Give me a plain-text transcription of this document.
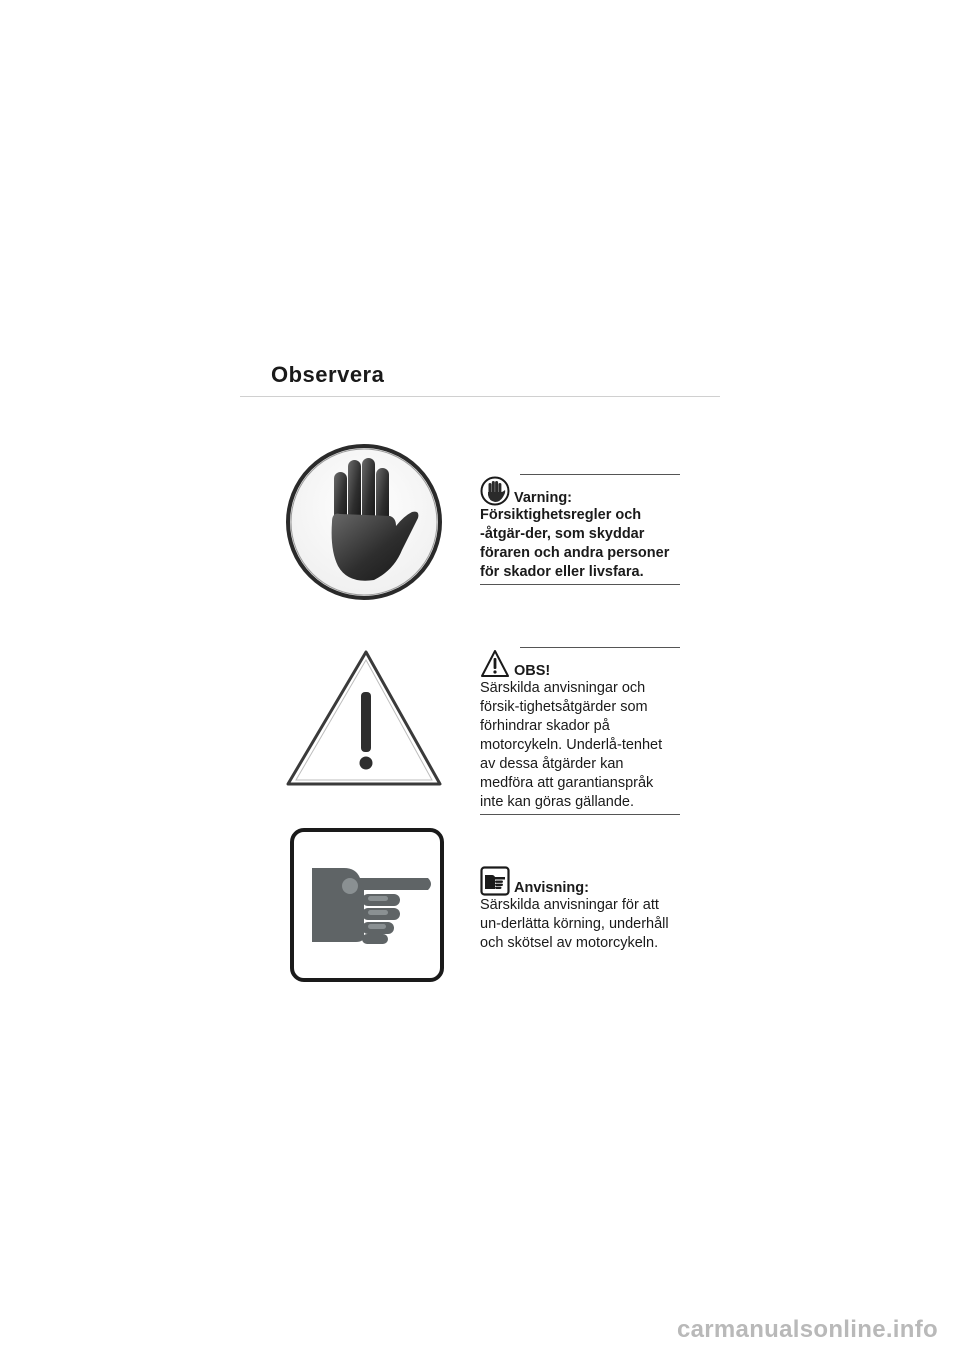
Observera
Varning:
Försiktighetsregler och -åtgär-der, som skyddar föraren och andra personer för skador eller livsfara.
OBS!
Särskilda anvisningar och försik-tighetsåtgärder som förhindrar skador på motorcykeln. Underlå-tenhet av dessa åtgärder kan medföra att garantianspråk inte kan göras gällande.
Anvisning:
Särskilda anvisningar för att un-derlätta körning, underhåll och skötsel av motorcykeln.
carmanualsonline.info
